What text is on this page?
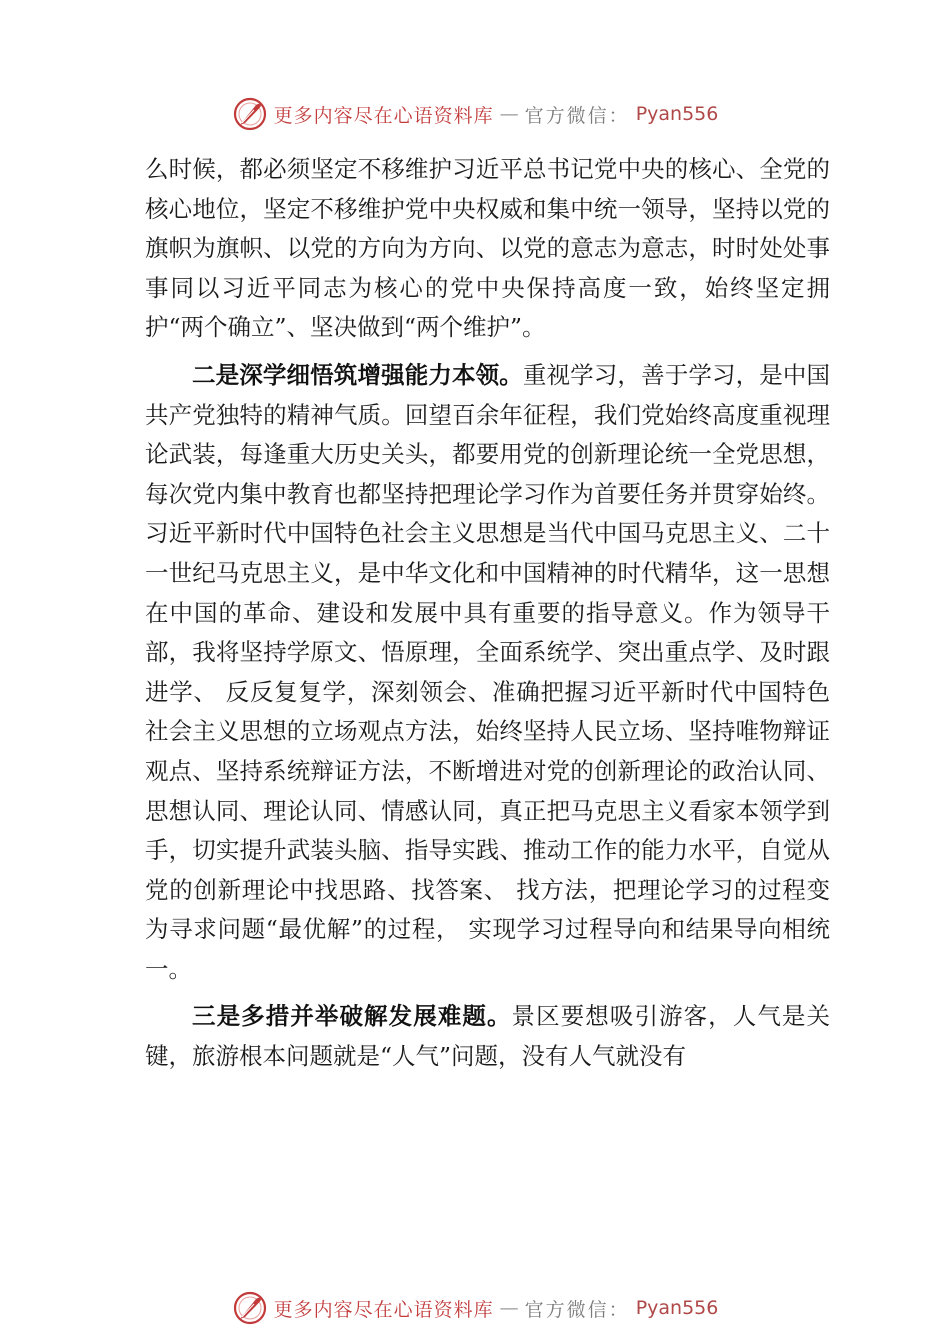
更多内容尽在心语资料库 — 官方微信： Pyan556

么时候，都必须坚定不移维护习近平总书记党中央的核心、全党的核心地位，坚定不移维护党中央权威和集中统一领导，坚持以党的旗帜为旗帜、以党的方向为方向、以党的意志为意志，时时处处事事同以习近平同志为核心的党中央保持高度一致，始终坚定拥护“两个确立”、坚决做到“两个维护”。

二是深学细悟筑增强能力本领。重视学习，善于学习，是中国共产党独特的精神气质。回望百余年征程，我们党始终高度重视理论武装，每逢重大历史关头，都要用党的创新理论统一全党思想，每次党内集中教育也都坚持把理论学习作为首要任务并贯穿始终。习近平新时代中国特色社会主义思想是当代中国马克思主义、二十一世纪马克思主义，是中华文化和中国精神的时代精华，这一思想在中国的革命、建设和发展中具有重要的指导意义。作为领导干部，我将坚持学原文、悟原理，全面系统学、突出重点学、及时跟进学、 反反复复学，深刻领会、准确把握习近平新时代中国特色社会主义思想的立场观点方法，始终坚持人民立场、坚持唯物辩证观点、坚持系统辩证方法，不断增进对党的创新理论的政治认同、思想认同、理论认同、情感认同，真正把马克思主义看家本领学到手，切实提升武装头脑、指导实践、推动工作的能力水平，自觉从党的创新理论中找思路、找答案、 找方法，把理论学习的过程变为寻求问题“最优解”的过程， 实现学习过程导向和结果导向相统一。

三是多措并举破解发展难题。景区要想吸引游客，人气是关键，旅游根本问题就是“人气”问题，没有人气就没有

更多内容尽在心语资料库 — 官方微信： Pyan556
